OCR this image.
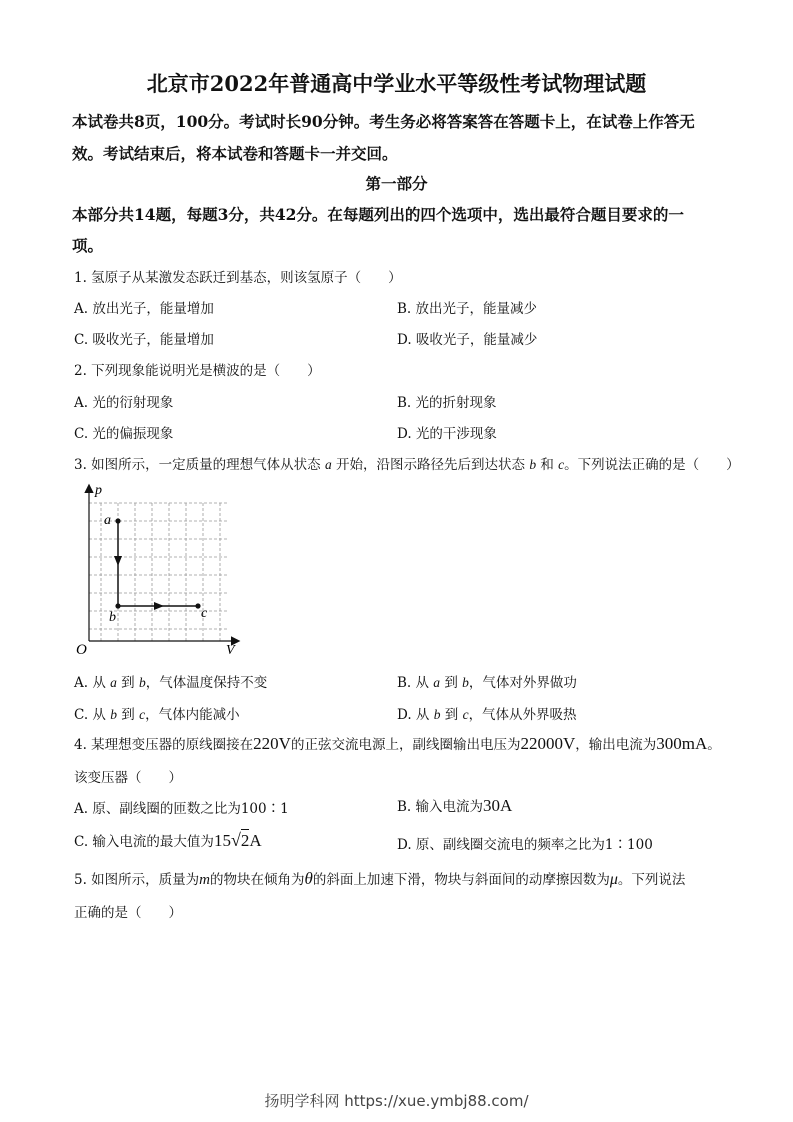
北京市2022年普通高中学业水平等级性考试物理试题
本试卷共8页，100分。考试时长90分钟。考生务必将答案答在答题卡上，在试卷上作答无
效。考试结束后，将本试卷和答题卡一并交回。
第一部分
本部分共14题，每题3分，共42分。在每题列出的四个选项中，选出最符合题目要求的一
项。
1. 氢原子从某激发态跃迁到基态，则该氢原子（　　）
A. 放出光子，能量增加	B. 放出光子，能量减少
C. 吸收光子，能量增加	D. 吸收光子，能量减少
2. 下列现象能说明光是横波的是（　　）
A. 光的衍射现象	B. 光的折射现象
C. 光的偏振现象	D. 光的干涉现象
3. 如图所示，一定质量的理想气体从状态 a 开始，沿图示路径先后到达状态 b 和 c。下列说法正确的是（　　）
p
a
b	c
O	V
A. 从 a 到 b，气体温度保持不变	B. 从 a 到 b，气体对外界做功
C. 从 b 到 c，气体内能减小	D. 从 b 到 c，气体从外界吸热
4. 某理想变压器的原线圈接在220V的正弦交流电源上，副线圈输出电压为22000V，输出电流为300mA。
该变压器（　　）
A. 原、副线圈的匝数之比为100∶1	B. 输入电流为30A
C. 输入电流的最大值为15√2A	D. 原、副线圈交流电的频率之比为1∶100
5. 如图所示，质量为m的物块在倾角为θ的斜面上加速下滑，物块与斜面间的动摩擦因数为μ。下列说法
正确的是（　　）
扬明学科网 https://xue.ymbj88.com/
